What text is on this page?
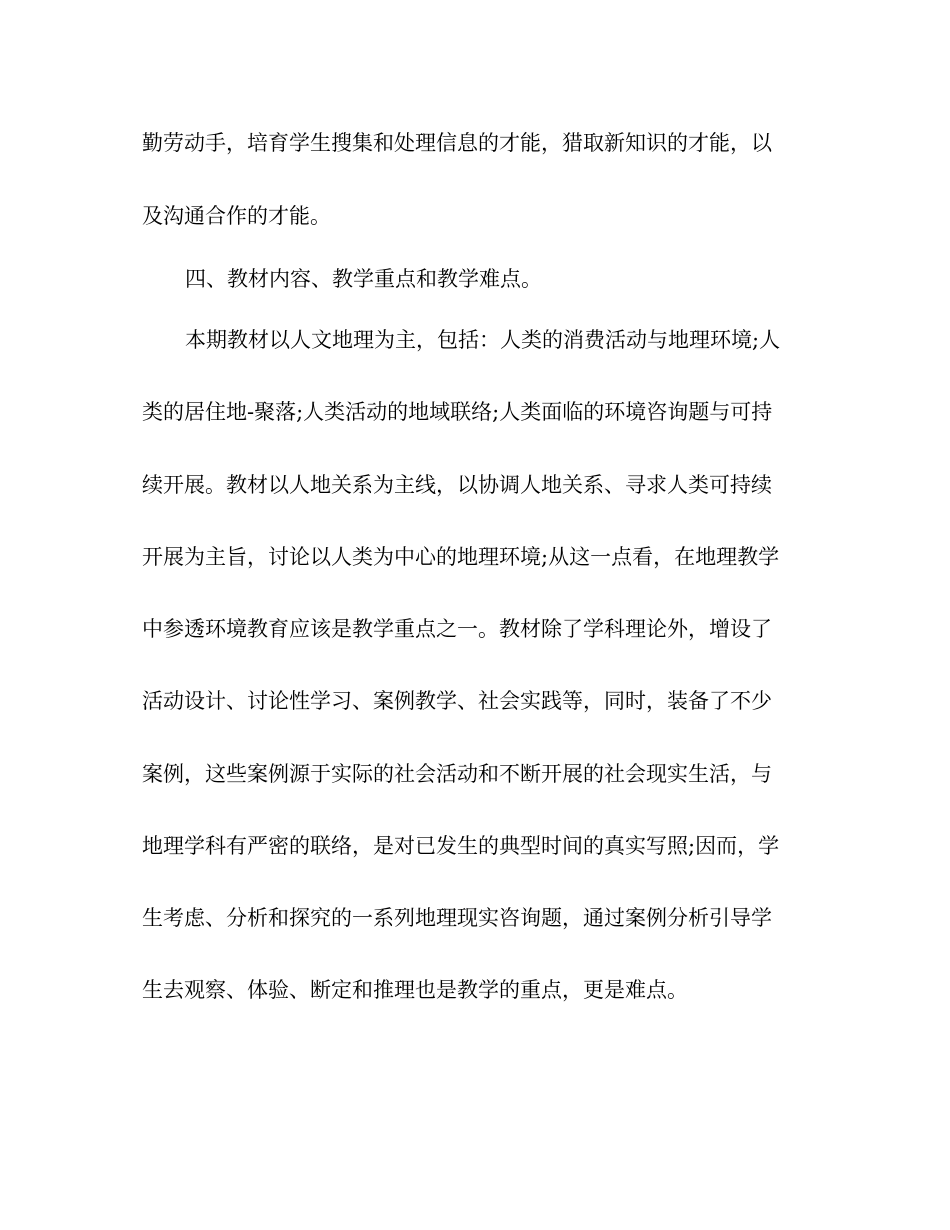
勤劳动手，培育学生搜集和处理信息的才能，猎取新知识的才能，以
及沟通合作的才能。
四、教材内容、教学重点和教学难点。
本期教材以人文地理为主，包括：人类的消费活动与地理环境;人
类的居住地-聚落;人类活动的地域联络;人类面临的环境咨询题与可持
续开展。教材以人地关系为主线，以协调人地关系、寻求人类可持续
开展为主旨，讨论以人类为中心的地理环境;从这一点看，在地理教学
中参透环境教育应该是教学重点之一。教材除了学科理论外，增设了
活动设计、讨论性学习、案例教学、社会实践等，同时，装备了不少
案例，这些案例源于实际的社会活动和不断开展的社会现实生活，与
地理学科有严密的联络，是对已发生的典型时间的真实写照;因而，学
生考虑、分析和探究的一系列地理现实咨询题，通过案例分析引导学
生去观察、体验、断定和推理也是教学的重点，更是难点。
